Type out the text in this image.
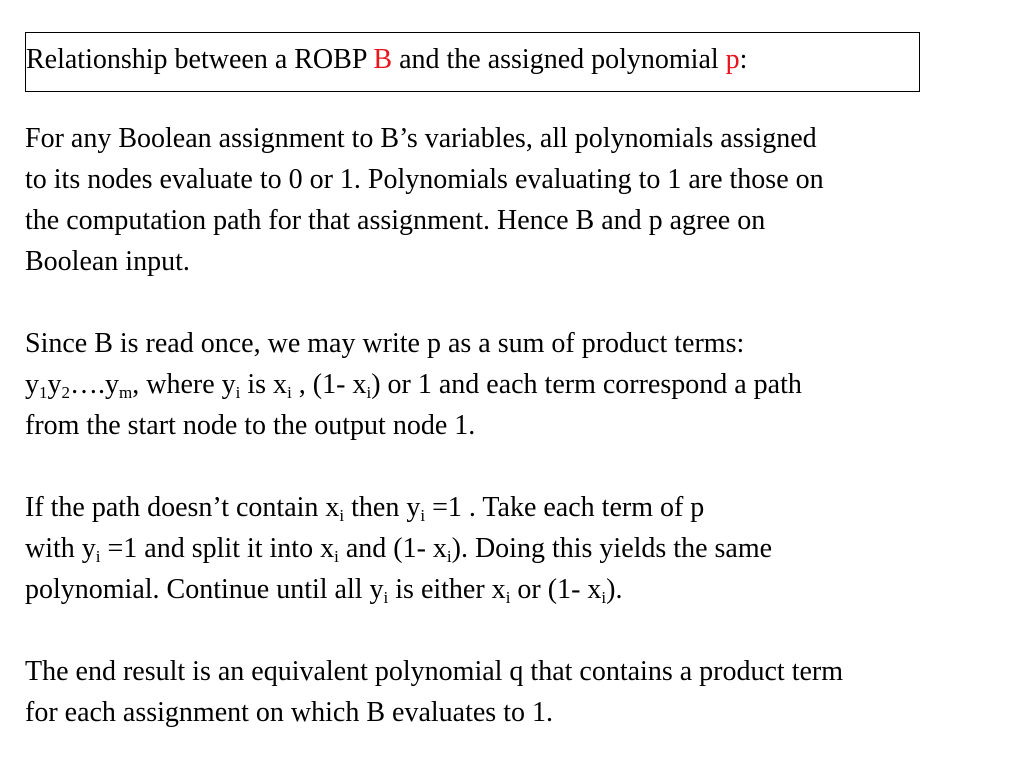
Relationship between a ROBP B and the assigned polynomial p:
For any Boolean assignment to B’s variables, all polynomials assigned
to its nodes evaluate to 0 or 1. Polynomials evaluating to 1 are those on
the computation path for that assignment. Hence B and p agree on
Boolean input.
Since B is read once, we may write p as a sum of product terms:
$y_1y_2\dots.y_m$, where $y_i$ is $x_i$ , (1- $x_i$) or 1 and each term correspond a path
from the start node to the output node 1.
If the path doesn’t contain $x_i$ then $y_i =1$ . Take each term of p
with $y_i =1$ and split it into $x_i$ and (1- $x_i$). Doing this yields the same
polynomial. Continue until all $y_i$ is either $x_i$ or (1- $x_i$).
The end result is an equivalent polynomial q that contains a product term
for each assignment on which B evaluates to 1.
